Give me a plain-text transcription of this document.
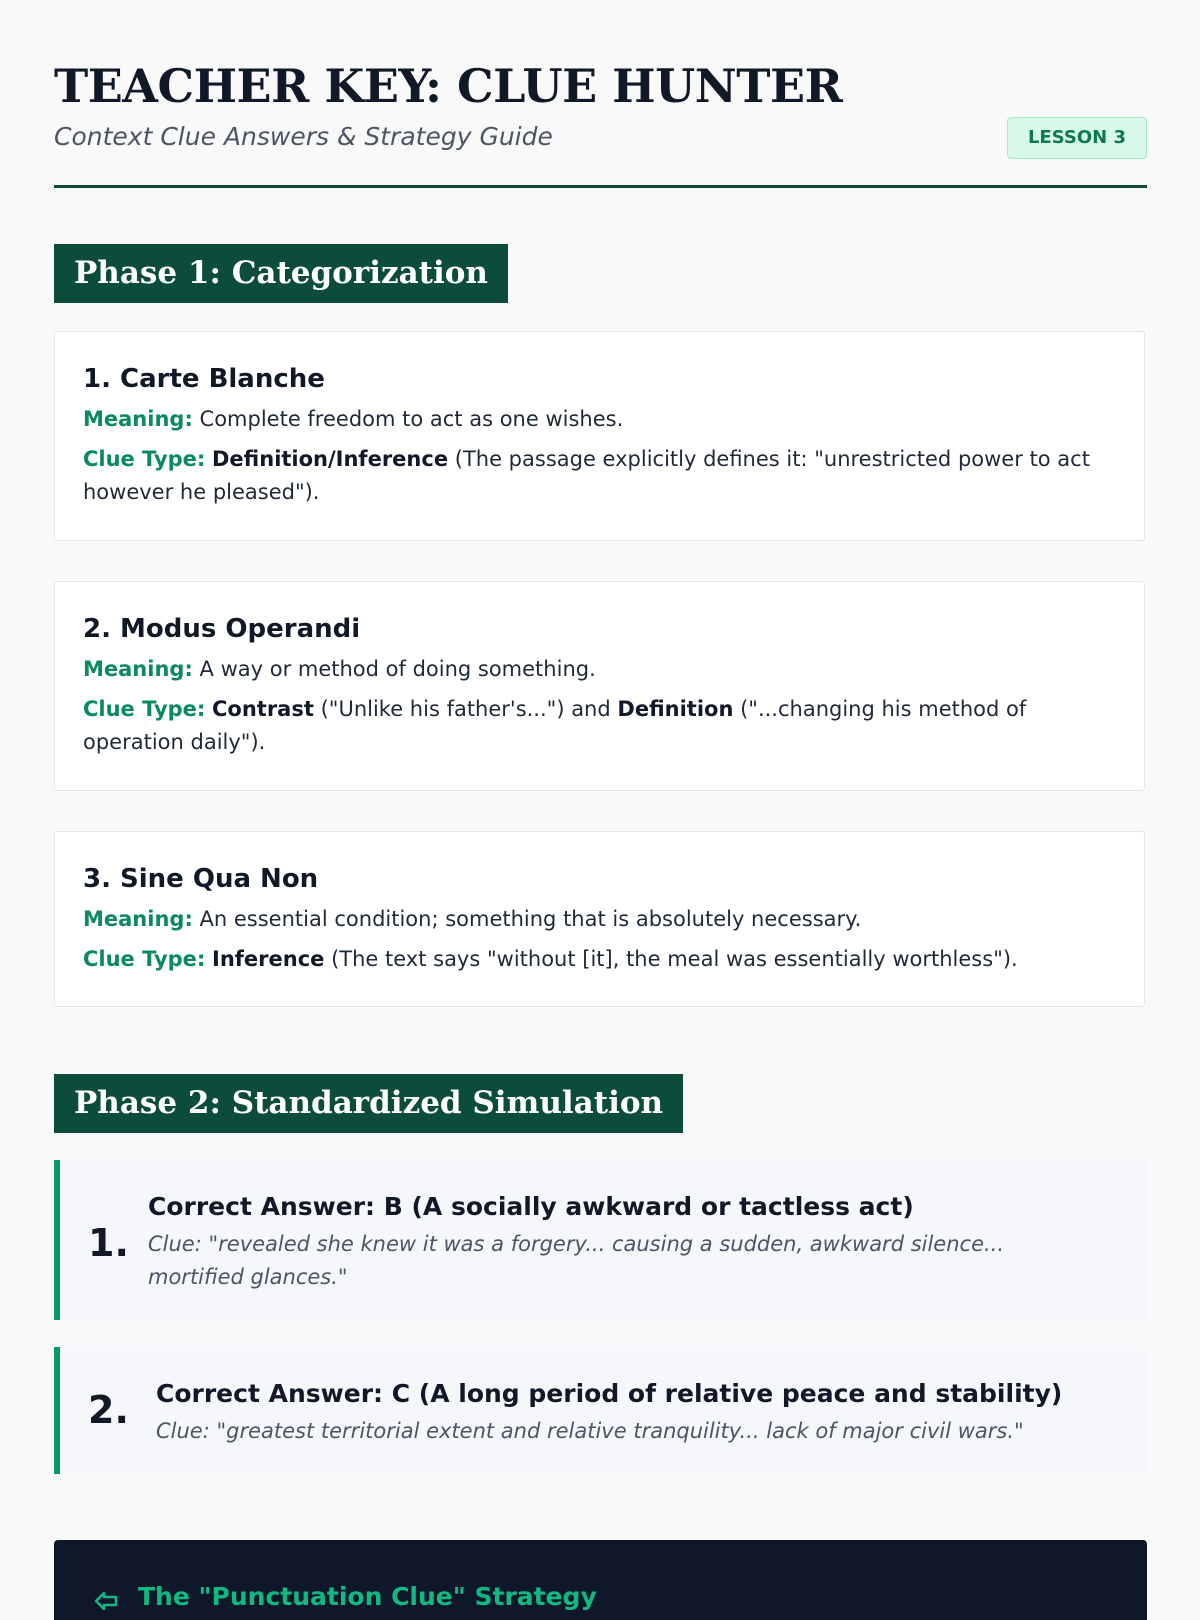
TEACHER KEY: CLUE HUNTER
Context Clue Answers & Strategy Guide	LESSON 3
Phase 1: Categorization
1. Carte Blanche
Meaning: Complete freedom to act as one wishes.
Clue Type: Definition/Inference (The passage explicitly defines it: "unrestricted power to act however he pleased").
2. Modus Operandi
Meaning: A way or method of doing something.
Clue Type: Contrast ("Unlike his father's...") and Definition ("...changing his method of operation daily").
3. Sine Qua Non
Meaning: An essential condition; something that is absolutely necessary.
Clue Type: Inference (The text says "without [it], the meal was essentially worthless").
Phase 2: Standardized Simulation
1.
Correct Answer: B (A socially awkward or tactless act)
Clue: "revealed she knew it was a forgery... causing a sudden, awkward silence... mortified glances."
2. Correct Answer: C (A long period of relative peace and stability)
Clue: "greatest territorial extent and relative tranquility... lack of major civil wars."
The "Punctuation Clue" Strategy
